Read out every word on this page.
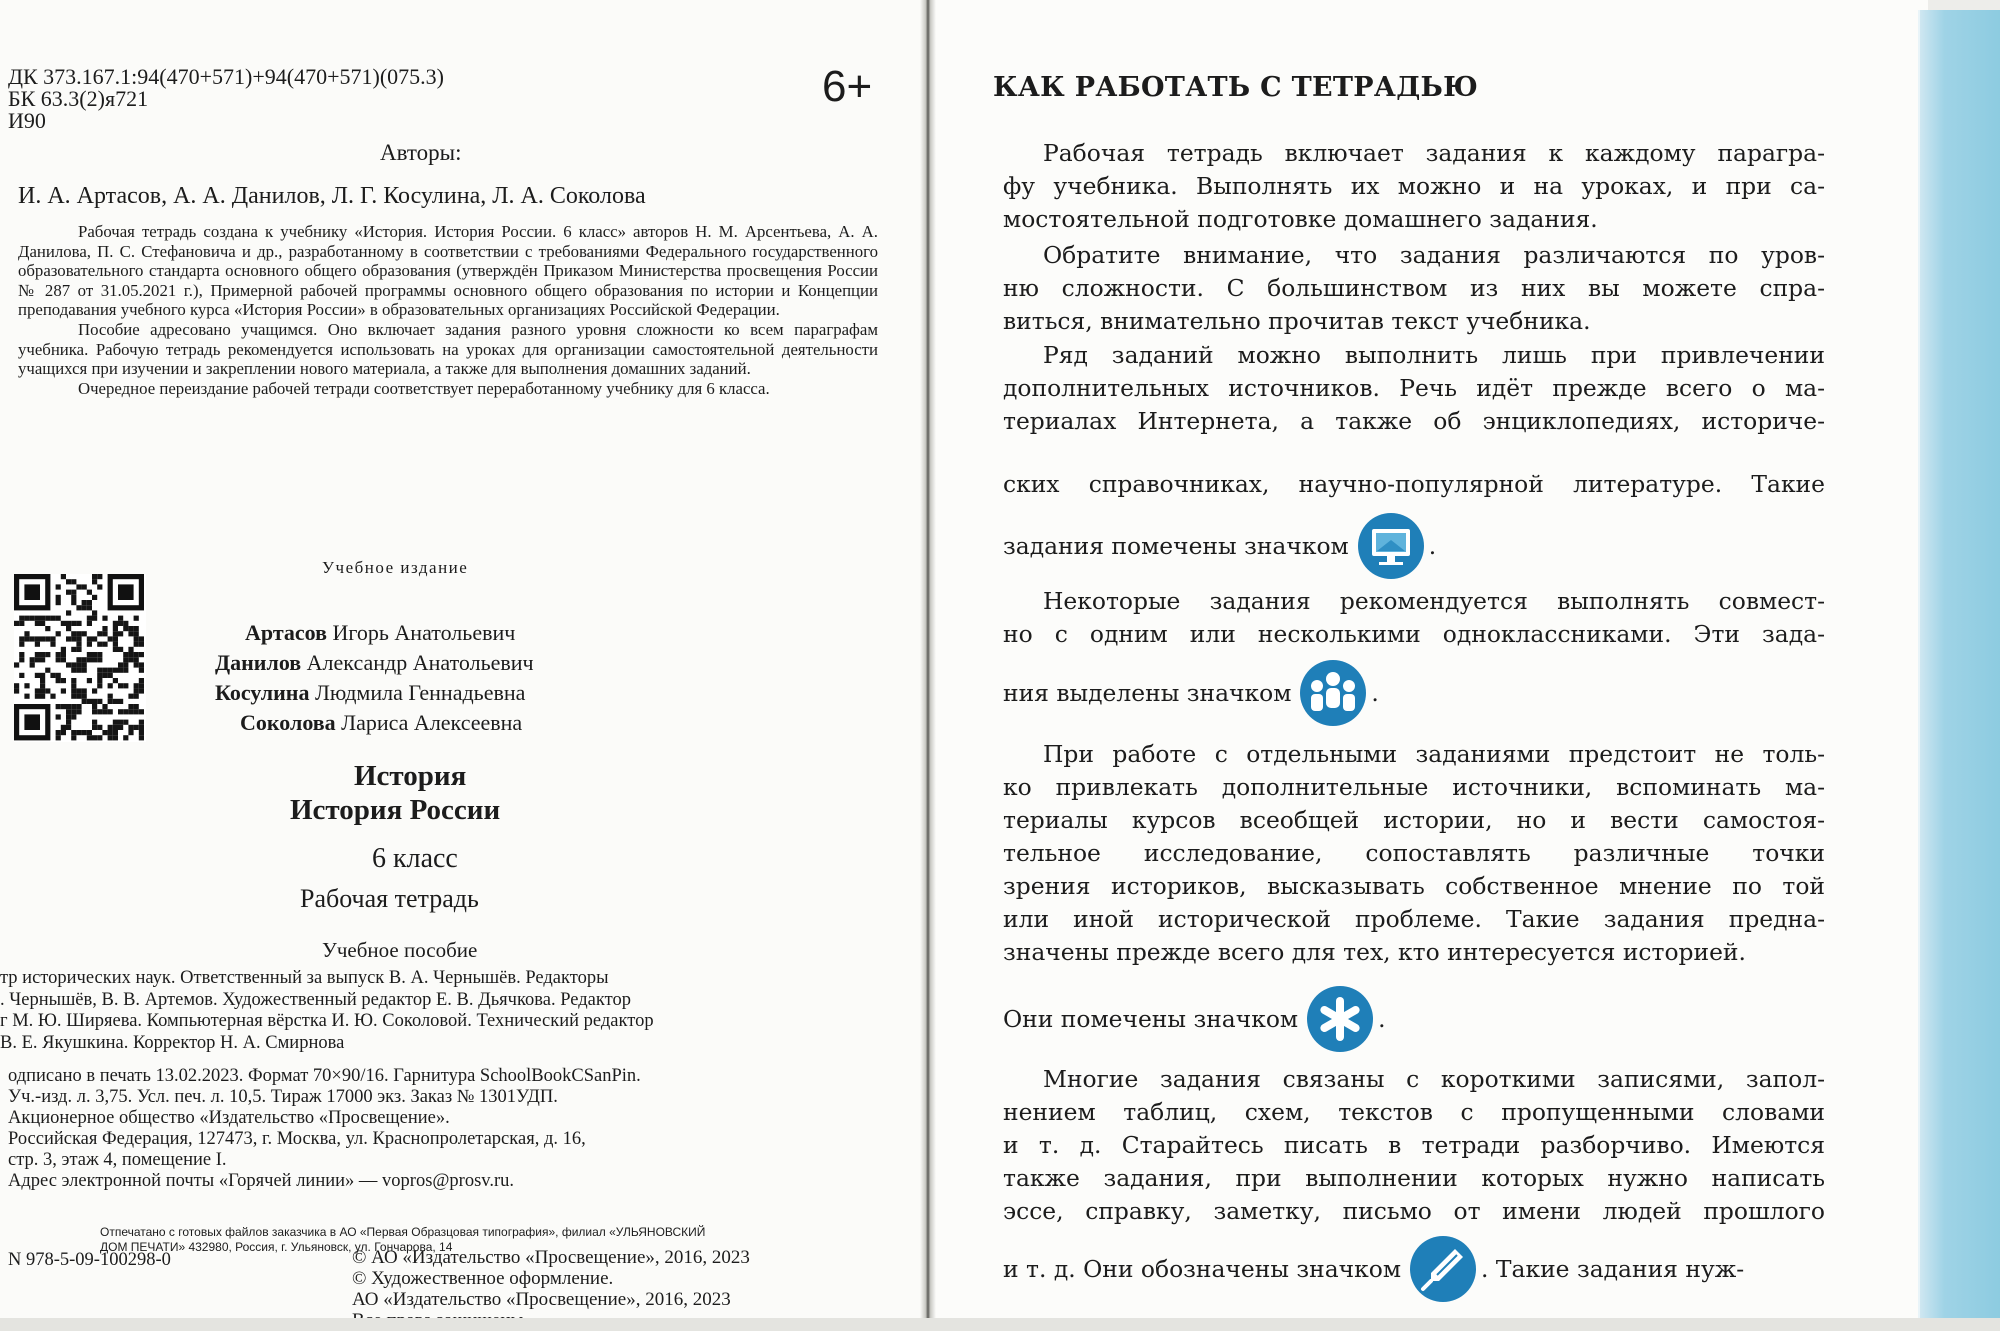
ДК 373.167.1:94(470+571)+94(470+571)(075.3)
БК 63.3(2)я721
И90
6+
Авторы:
И. А. Артасов, А. А. Данилов, Л. Г. Косулина, Л. А. Соколова

Рабочая тетрадь создана к учебнику «История. История России. 6 класс» авторов Н. М. Арсентьева, А. А. Данилова, П. С. Стефановича и др., разработанному в соответствии с требованиями Федерального государственного образовательного стандарта основного общего образования (утверждён Приказом Министерства просвещения России № 287 от 31.05.2021 г.), Примерной рабочей программы основного общего образования по истории и Концепции преподавания учебного курса «История России» в образовательных организациях Российской Федерации.

Пособие адресовано учащимся. Оно включает задания разного уровня сложности ко всем параграфам учебника. Рабочую тетрадь рекомендуется использовать на уроках для организации самостоятельной деятельности учащихся при изучении и закреплении нового материала, а также для выполнения домашних заданий.

Очередное переиздание рабочей тетради соответствует переработанному учебнику для 6 класса.

Учебное издание
Артасов Игорь Анатольевич
Данилов Александр Анатольевич
Косулина Людмила Геннадьевна
Соколова Лариса Алексеевна
История
История России
6 класс
Рабочая тетрадь
Учебное пособие
тр исторических наук. Ответственный за выпуск В. А. Чернышёв. Редакторы
. Чернышёв, В. В. Артемов. Художественный редактор Е. В. Дьячкова. Редактор
г М. Ю. Ширяева. Компьютерная вёрстка И. Ю. Соколовой. Технический редактор
В. Е. Якушкина. Корректор Н. А. Смирнова
одписано в печать 13.02.2023. Формат 70×90/16. Гарнитура SchoolBookCSanPin.
Уч.-изд. л. 3,75. Усл. печ. л. 10,5. Тираж 17000 экз. Заказ № 1301УДП.
Акционерное общество «Издательство «Просвещение».
Российская Федерация, 127473, г. Москва, ул. Краснопролетарская, д. 16,
стр. 3, этаж 4, помещение I.
Адрес электронной почты «Горячей линии» — vopros@prosv.ru.
Отпечатано с готовых файлов заказчика в АО «Первая Образцовая типография», филиал «УЛЬЯНОВСКИЙ ДОМ ПЕЧАТИ» 432980, Россия, г. Ульяновск, ул. Гончарова, 14
N 978-5-09-100298-0	© АО «Издательство «Просвещение», 2016, 2023
© Художественное оформление.
АО «Издательство «Просвещение», 2016, 2023
КАК РАБОТАТЬ С ТЕТРАДЬЮ
Рабочая тетрадь включает задания к каждому парагра-
фу учебника. Выполнять их можно и на уроках, и при са-
мостоятельной подготовке домашнего задания.
Обратите внимание, что задания различаются по уров-
ню сложности. С большинством из них вы можете спра-
виться, внимательно прочитав текст учебника.
Ряд заданий можно выполнить лишь при привлечении
дополнительных источников. Речь идёт прежде всего о ма-
териалах Интернета, а также об энциклопедиях, историче-
ских справочниках, научно-популярной литературе. Такие
задания помечены значком	.
Некоторые задания рекомендуется выполнять совмест-
но с одним или несколькими одноклассниками. Эти зада-
ния выделены значком	.
При работе с отдельными заданиями предстоит не толь-
ко привлекать дополнительные источники, вспоминать ма-
териалы курсов всеобщей истории, но и вести самостоя-
тельное исследование, сопоставлять различные точки
зрения историков, высказывать собственное мнение по той
или иной исторической проблеме. Такие задания предна-
значены прежде всего для тех, кто интересуется историей.
Они помечены значком	.
Многие задания связаны с короткими записями, запол-
нением таблиц, схем, текстов с пропущенными словами
и т. д. Старайтесь писать в тетради разборчиво. Имеются
также задания, при выполнении которых нужно написать
эссе, справку, заметку, письмо от имени людей прошлого
и т. д. Они обозначены значком	. Такие задания нуж-
